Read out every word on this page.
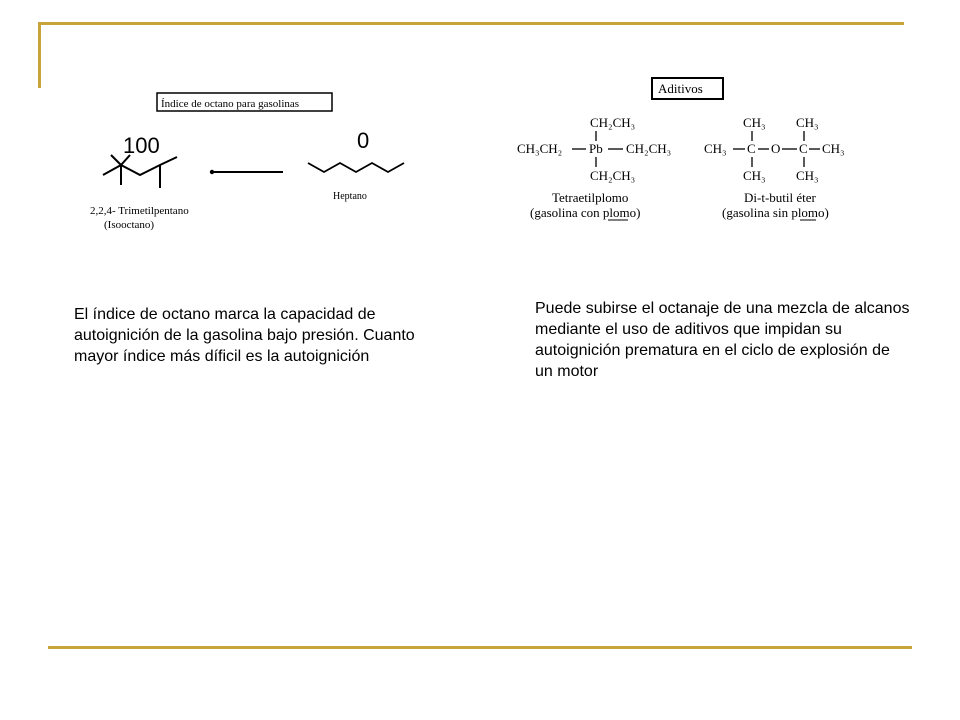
Índice de octano para gasolinas
100	0
2,2,4- Trimetilpentano
(Isooctano)
Heptano
Aditivos
CH₂CH₃
CH₃CH₂ Pb CH₂CH₃
CH₂CH₃
Tetraetilplomo
(gasolina con plomo)
CH₃ CH₃
CH₃ C O C CH₃
CH₃ CH₃
Di-t-butil éter
(gasolina sin plomo)

El índice de octano marca la capacidad de autoignición de la gasolina bajo presión. Cuanto mayor índice más díficil es la autoignición

Puede subirse el octanaje de una mezcla de alcanos mediante el uso de aditivos que impidan su autoignición prematura en el ciclo de explosión de un motor
